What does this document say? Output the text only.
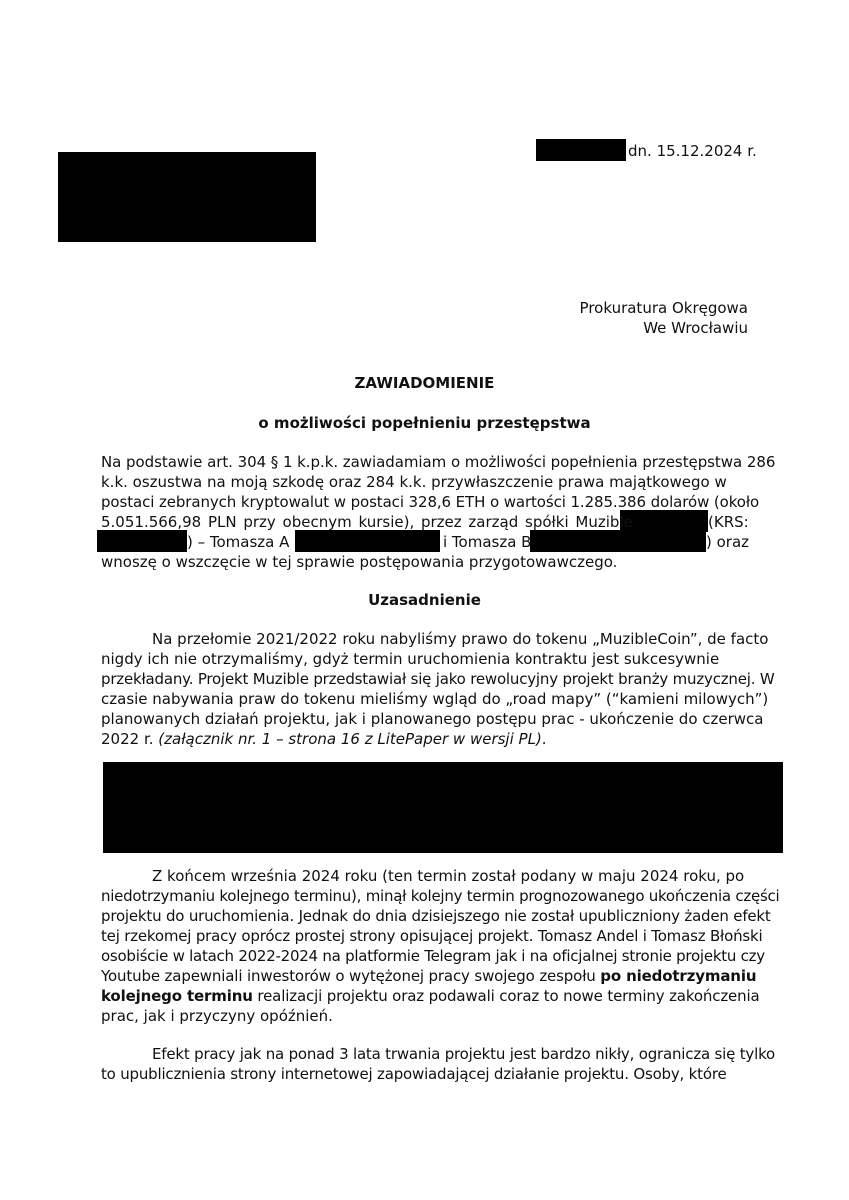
dn. 15.12.2024 r.
Prokuratura Okręgowa
We Wrocławiu
ZAWIADOMIENIE
o możliwości popełnieniu przestępstwa
Na podstawie art. 304 § 1 k.p.k. zawiadamiam o możliwości popełnienia przestępstwa 286
k.k. oszustwa na moją szkodę oraz 284 k.k. przywłaszczenie prawa majątkowego w
postaci zebranych kryptowalut w postaci 328,6 ETH o wartości 1.285.386 dolarów (około
5.051.566,98 PLN przy obecnym kursie), przez zarząd spółki Muzible	(KRS:
) – Tomasza A	i Tomasza B	) oraz
wnoszę o wszczęcie w tej sprawie postępowania przygotowawczego.
Uzasadnienie
Na przełomie 2021/2022 roku nabyliśmy prawo do tokenu „MuzibleCoin”, de facto
nigdy ich nie otrzymaliśmy, gdyż termin uruchomienia kontraktu jest sukcesywnie
przekładany. Projekt Muzible przedstawiał się jako rewolucyjny projekt branży muzycznej. W
czasie nabywania praw do tokenu mieliśmy wgląd do „road mapy” (“kamieni milowych”)
planowanych działań projektu, jak i planowanego postępu prac - ukończenie do czerwca
2022 r. (załącznik nr. 1 – strona 16 z LitePaper w wersji PL).
Z końcem września 2024 roku (ten termin został podany w maju 2024 roku, po
niedotrzymaniu kolejnego terminu), minął kolejny termin prognozowanego ukończenia części
projektu do uruchomienia. Jednak do dnia dzisiejszego nie został upubliczniony żaden efekt
tej rzekomej pracy oprócz prostej strony opisującej projekt. Tomasz Andel i Tomasz Błoński
osobiście w latach 2022-2024 na platformie Telegram jak i na oficjalnej stronie projektu czy
Youtube zapewniali inwestorów o wytężonej pracy swojego zespołu po niedotrzymaniu
kolejnego terminu realizacji projektu oraz podawali coraz to nowe terminy zakończenia
prac, jak i przyczyny opóźnień.
Efekt pracy jak na ponad 3 lata trwania projektu jest bardzo nikły, ogranicza się tylko
to upublicznienia strony internetowej zapowiadającej działanie projektu. Osoby, które
